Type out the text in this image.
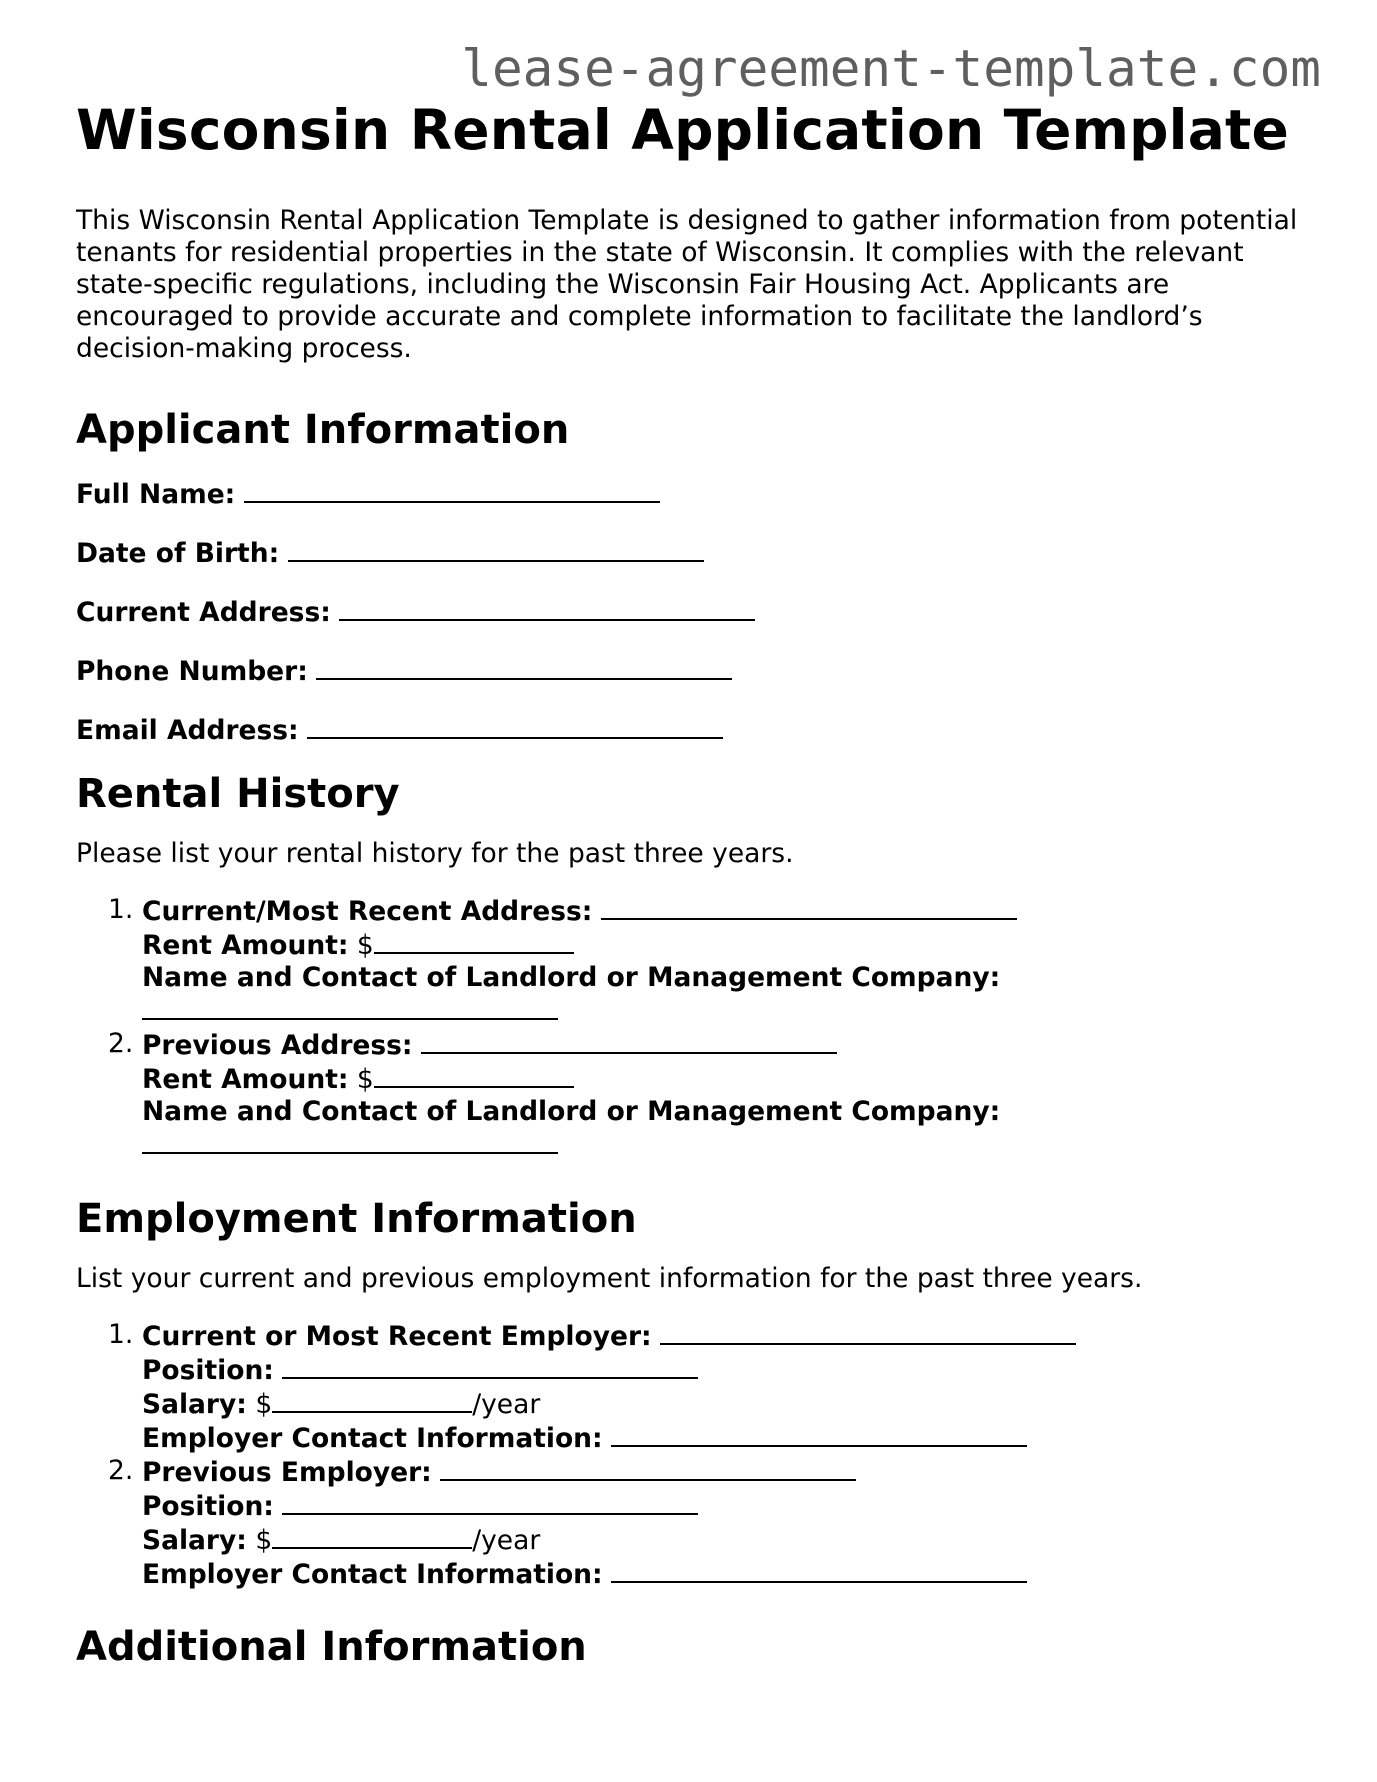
lease-agreement-template.com
Wisconsin Rental Application Template

This Wisconsin Rental Application Template is designed to gather information from potential tenants for residential properties in the state of Wisconsin. It complies with the relevant state-specific regulations, including the Wisconsin Fair Housing Act. Applicants are encouraged to provide accurate and complete information to facilitate the landlord’s decision-making process.

Applicant Information
Full Name:
Date of Birth:
Current Address:
Phone Number:
Email Address:
Rental History

Please list your rental history for the past three years.

1. Current/Most Recent Address:
Rent Amount: $
Name and Contact of Landlord or Management Company:
2. Previous Address:
Rent Amount: $
Name and Contact of Landlord or Management Company:
Employment Information

List your current and previous employment information for the past three years.

1. Current or Most Recent Employer:
Position:
Salary: $	/year
Employer Contact Information:
2. Previous Employer:
Position:
Salary: $	/year
Employer Contact Information:
Additional Information
